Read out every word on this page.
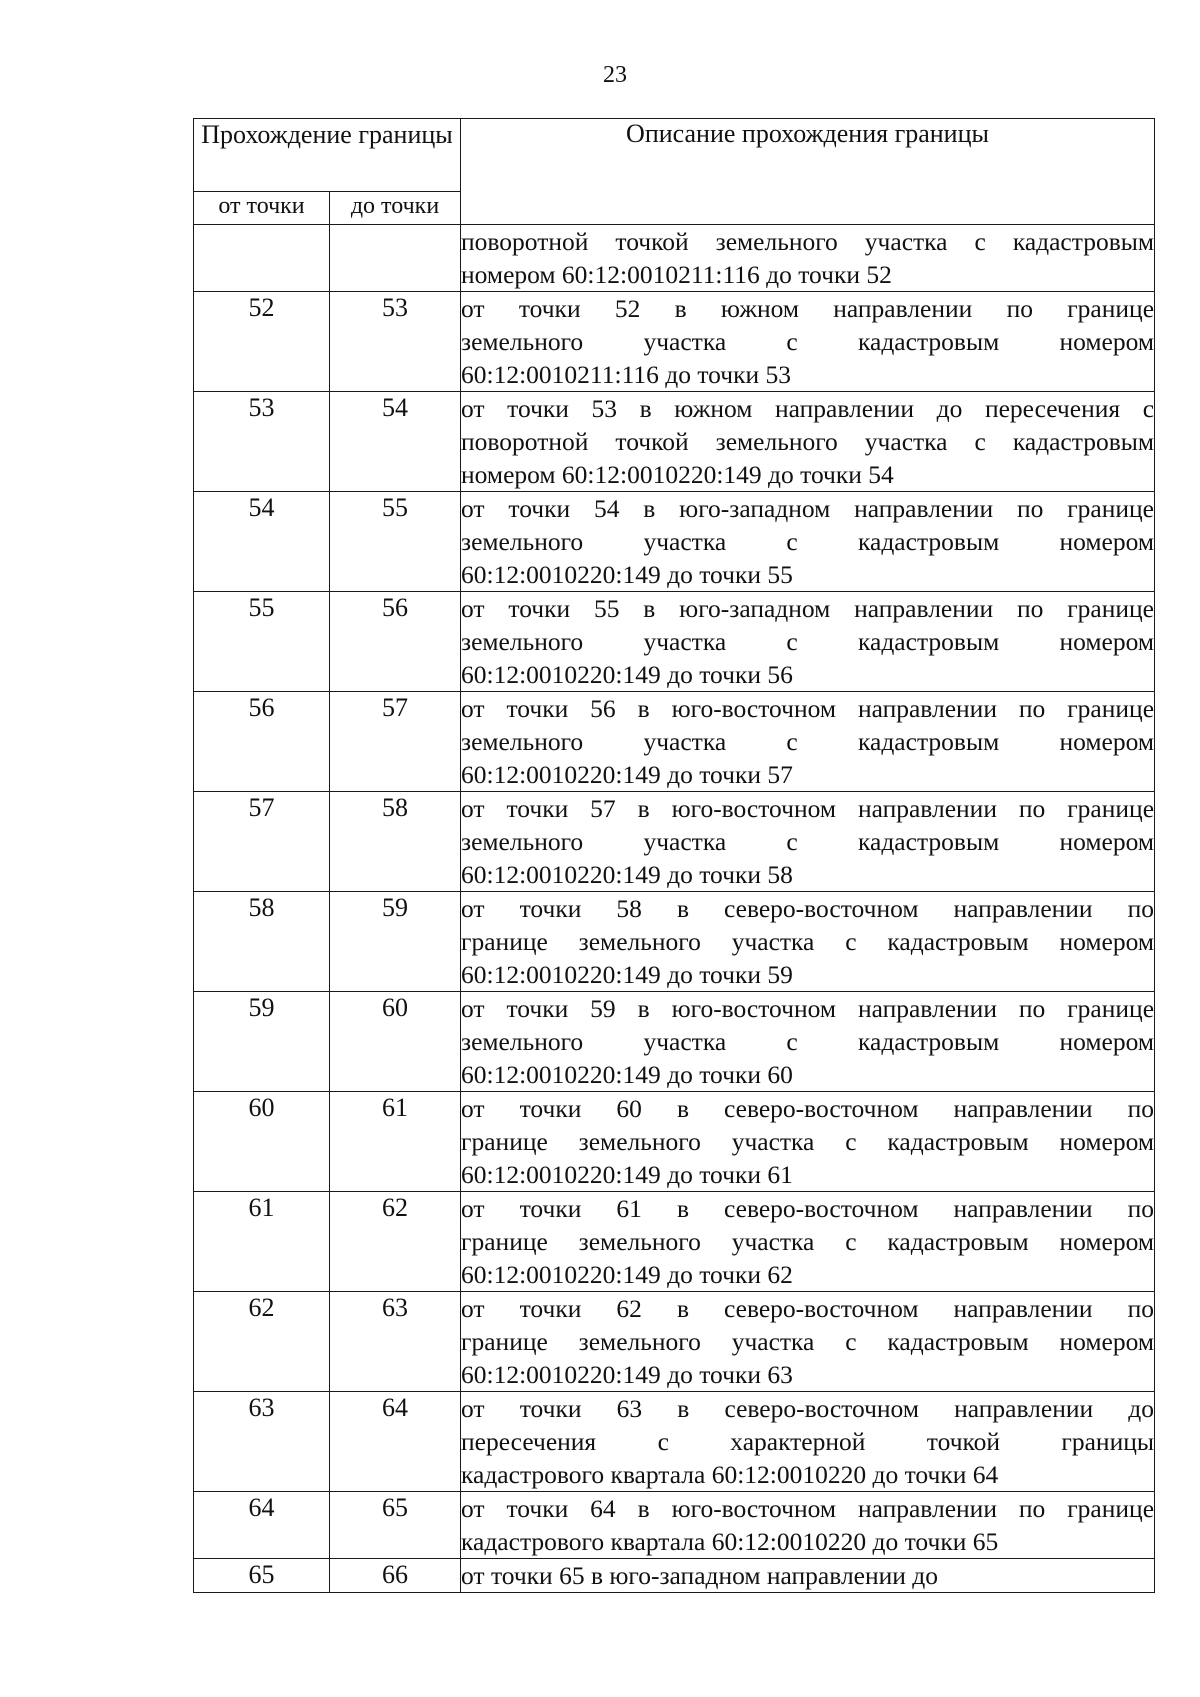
23
Прохождение границы		Описание прохождения границы
от точки	до точки	

		поворотной точкой земельного участка с кадастровым
номером 60:12:0010211:116 до точки 52

52	53	от точки 52 в южном направлении по границе
земельного участка с кадастровым номером
60:12:0010211:116 до точки 53

53	54	от точки 53 в южном направлении до пересечения с
поворотной точкой земельного участка с кадастровым
номером 60:12:0010220:149 до точки 54

54	55	от точки 54 в юго-западном направлении по границе
земельного участка с кадастровым номером
60:12:0010220:149 до точки 55

55	56	от точки 55 в юго-западном направлении по границе
земельного участка с кадастровым номером
60:12:0010220:149 до точки 56

56	57	от точки 56 в юго-восточном направлении по границе
земельного участка с кадастровым номером
60:12:0010220:149 до точки 57

57	58	от точки 57 в юго-восточном направлении по границе
земельного участка с кадастровым номером
60:12:0010220:149 до точки 58

58	59	от точки 58 в северо-восточном направлении по
границе земельного участка с кадастровым номером
60:12:0010220:149 до точки 59

59	60	от точки 59 в юго-восточном направлении по границе
земельного участка с кадастровым номером
60:12:0010220:149 до точки 60

60	61	от точки 60 в северо-восточном направлении по
границе земельного участка с кадастровым номером
60:12:0010220:149 до точки 61

61	62	от точки 61 в северо-восточном направлении по
границе земельного участка с кадастровым номером
60:12:0010220:149 до точки 62

62	63	от точки 62 в северо-восточном направлении по
границе земельного участка с кадастровым номером
60:12:0010220:149 до точки 63

63	64	от точки 63 в северо-восточном направлении до
пересечения с характерной точкой границы
кадастрового квартала 60:12:0010220 до точки 64

64	65	от точки 64 в юго-восточном направлении по границе
кадастрового квартала 60:12:0010220 до точки 65

65	66	от точки 65 в юго-западном направлении до
